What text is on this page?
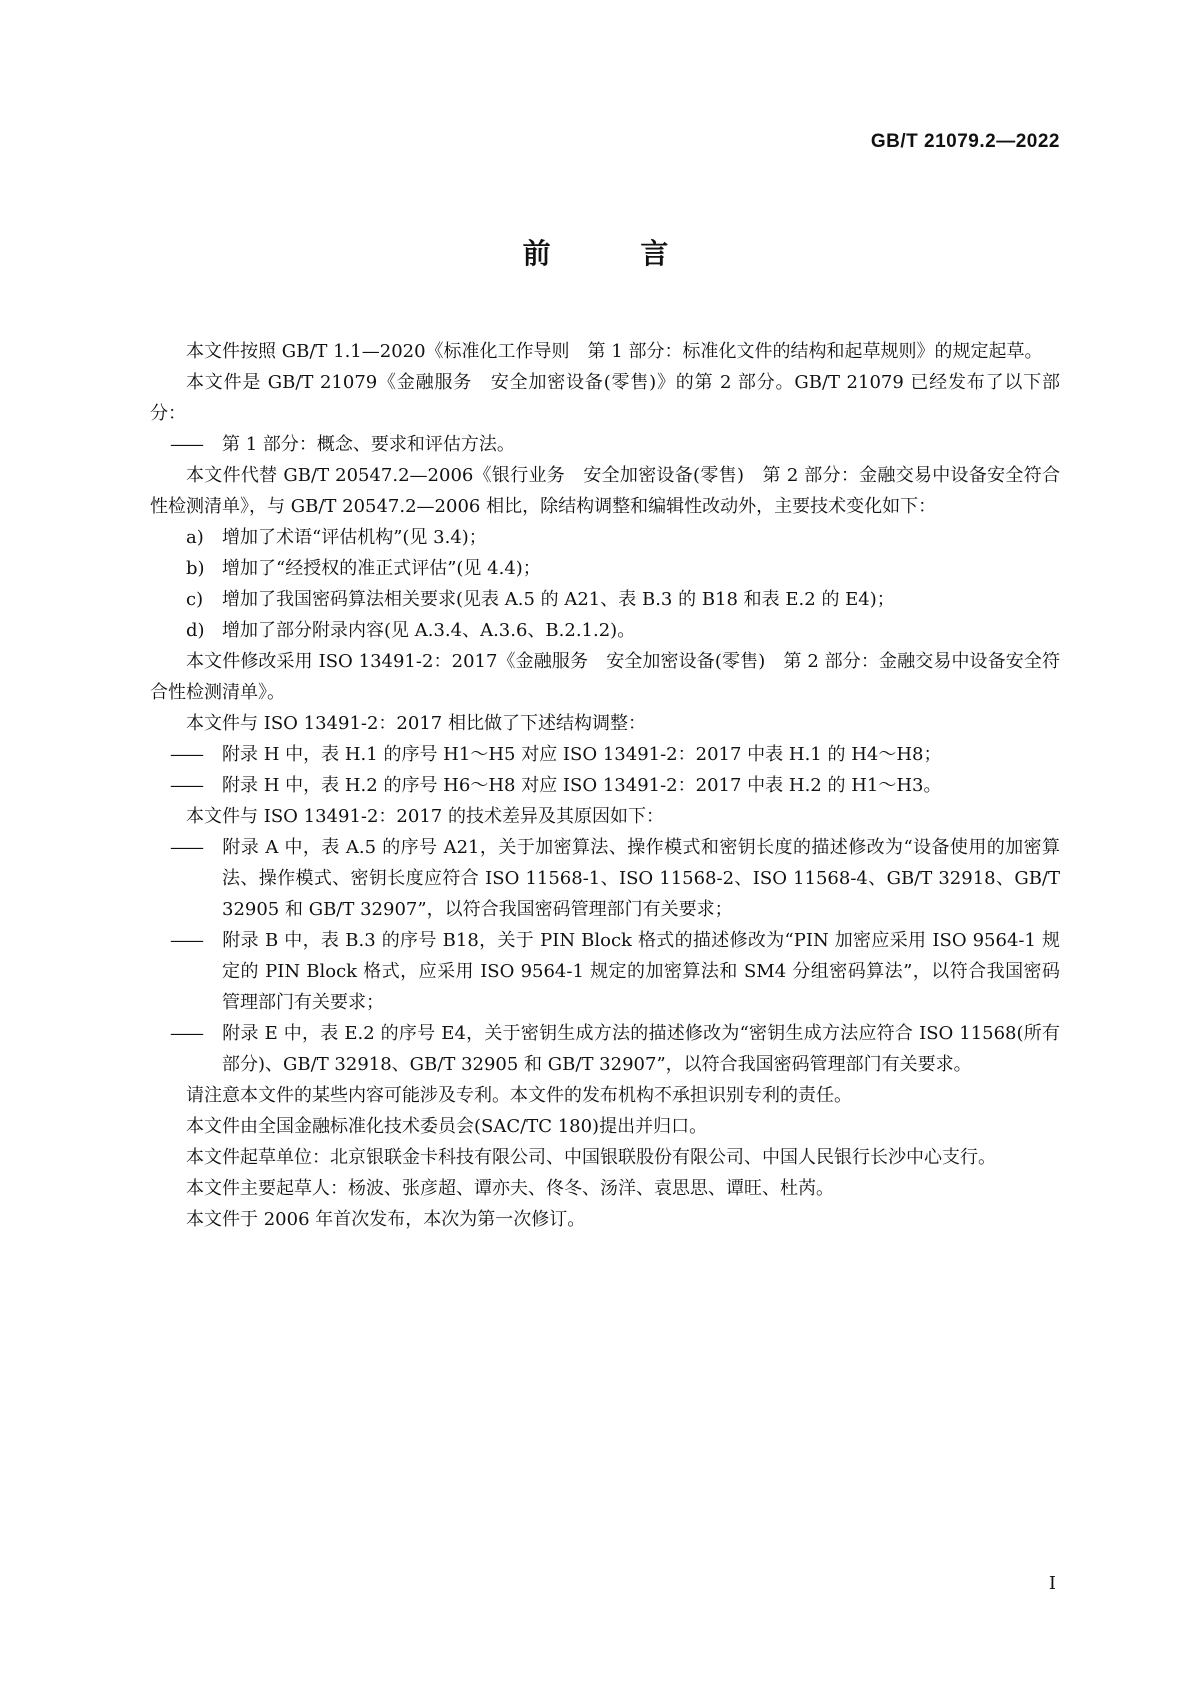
GB/T 21079.2—2022
前 言

本文件按照 GB/T 1.1—2020《标准化工作导则　第 1 部分：标准化文件的结构和起草规则》的规定起草。

本文件是 GB/T 21079《金融服务　安全加密设备(零售)》的第 2 部分。GB/T 21079 已经发布了以下部分：

—— 第 1 部分：概念、要求和评估方法。

本文件代替 GB/T 20547.2—2006《银行业务　安全加密设备(零售)　第 2 部分：金融交易中设备安全符合性检测清单》，与 GB/T 20547.2—2006 相比，除结构调整和编辑性改动外，主要技术变化如下：

a) 增加了术语“评估机构”(见 3.4)；

b) 增加了“经授权的准正式评估”(见 4.4)；

c) 增加了我国密码算法相关要求(见表 A.5 的 A21、表 B.3 的 B18 和表 E.2 的 E4)；

d) 增加了部分附录内容(见 A.3.4、A.3.6、B.2.1.2)。

本文件修改采用 ISO 13491-2：2017《金融服务　安全加密设备(零售)　第 2 部分：金融交易中设备安全符合性检测清单》。

本文件与 ISO 13491-2：2017 相比做了下述结构调整：

—— 附录 H 中，表 H.1 的序号 H1～H5 对应 ISO 13491-2：2017 中表 H.1 的 H4～H8；

—— 附录 H 中，表 H.2 的序号 H6～H8 对应 ISO 13491-2：2017 中表 H.2 的 H1～H3。

本文件与 ISO 13491-2：2017 的技术差异及其原因如下：

—— 附录 A 中，表 A.5 的序号 A21，关于加密算法、操作模式和密钥长度的描述修改为“设备使用的加密算法、操作模式、密钥长度应符合 ISO 11568-1、ISO 11568-2、ISO 11568-4、GB/T 32918、GB/T 32905 和 GB/T 32907”，以符合我国密码管理部门有关要求；

—— 附录 B 中，表 B.3 的序号 B18，关于 PIN Block 格式的描述修改为“PIN 加密应采用 ISO 9564-1 规定的 PIN Block 格式，应采用 ISO 9564-1 规定的加密算法和 SM4 分组密码算法”，以符合我国密码管理部门有关要求；

—— 附录 E 中，表 E.2 的序号 E4，关于密钥生成方法的描述修改为“密钥生成方法应符合 ISO 11568(所有部分)、GB/T 32918、GB/T 32905 和 GB/T 32907”，以符合我国密码管理部门有关要求。

请注意本文件的某些内容可能涉及专利。本文件的发布机构不承担识别专利的责任。

本文件由全国金融标准化技术委员会(SAC/TC 180)提出并归口。

本文件起草单位：北京银联金卡科技有限公司、中国银联股份有限公司、中国人民银行长沙中心支行。

本文件主要起草人：杨波、张彦超、谭亦夫、佟冬、汤洋、袁思思、谭旺、杜芮。

本文件于 2006 年首次发布，本次为第一次修订。

I
